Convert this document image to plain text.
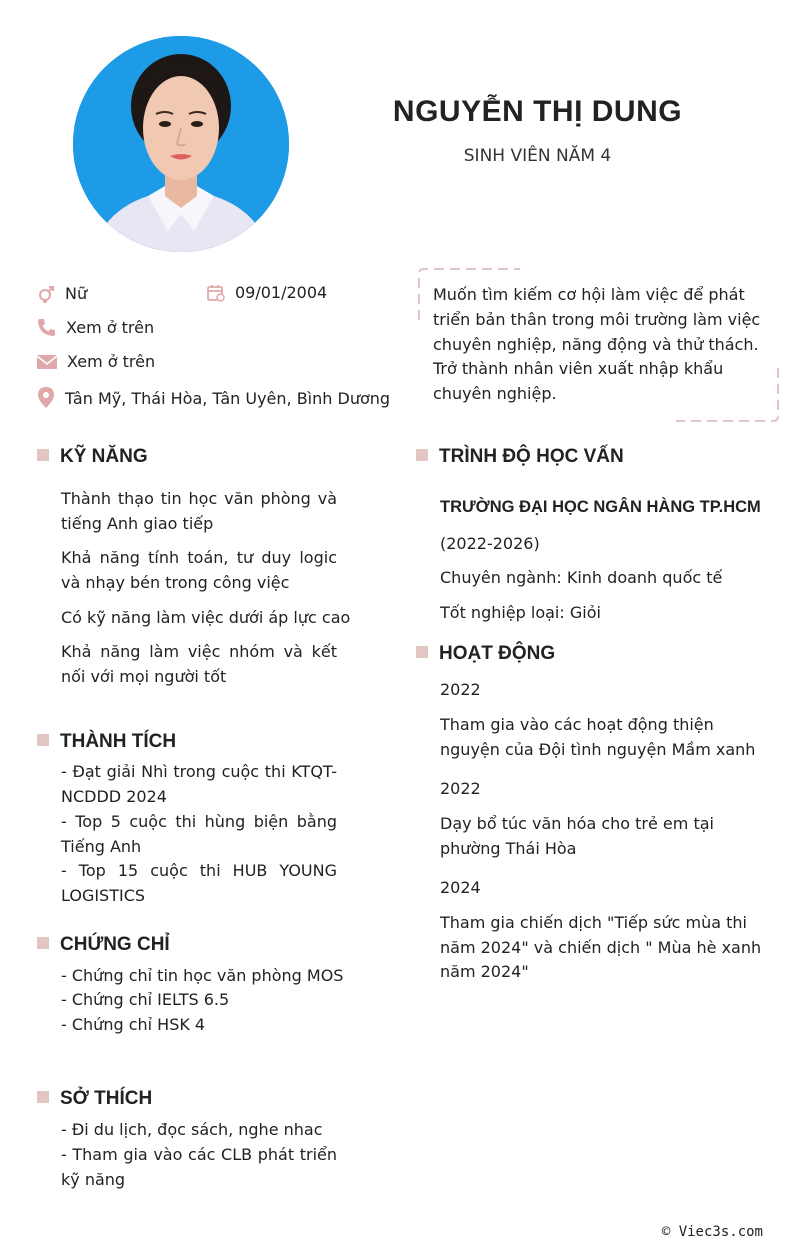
NGUYỄN THỊ DUNG
SINH VIÊN NĂM 4
Nữ	09/01/2004
Xem ở trên
Xem ở trên
Tân Mỹ, Thái Hòa, Tân Uyên, Bình Dương
Muốn tìm kiếm cơ hội làm việc để phát triển bản thân trong môi trường làm việc chuyên nghiệp, năng động và thử thách. Trở thành nhân viên xuất nhập khẩu chuyên nghiệp.
KỸ NĂNG
Thành thạo tin học văn phòng và tiếng Anh giao tiếp
Khả năng tính toán, tư duy logic và nhạy bén trong công việc
Có kỹ năng làm việc dưới áp lực cao
Khả năng làm việc nhóm và kết nối với mọi người tốt
THÀNH TÍCH
- Đạt giải Nhì trong cuộc thi KTQT-NCDDD 2024
- Top 5 cuộc thi hùng biện bằng Tiếng Anh
- Top 15 cuộc thi HUB YOUNG LOGISTICS
CHỨNG CHỈ
- Chứng chỉ tin học văn phòng MOS
- Chứng chỉ IELTS 6.5
- Chứng chỉ HSK 4
SỞ THÍCH
- Đi du lịch, đọc sách, nghe nhac
- Tham gia vào các CLB phát triển kỹ năng
TRÌNH ĐỘ HỌC VẤN
TRƯỜNG ĐẠI HỌC NGÂN HÀNG TP.HCM
(2022-2026)
Chuyên ngành: Kinh doanh quốc tế
Tốt nghiệp loại: Giỏi
HOẠT ĐỘNG
2022
Tham gia vào các hoạt động thiện nguyện của Đội tình nguyện Mầm xanh
2022
Dạy bổ túc văn hóa cho trẻ em tại phường Thái Hòa
2024
Tham gia chiến dịch "Tiếp sức mùa thi năm 2024" và chiến dịch " Mùa hè xanh năm 2024"
© Viec3s.com
